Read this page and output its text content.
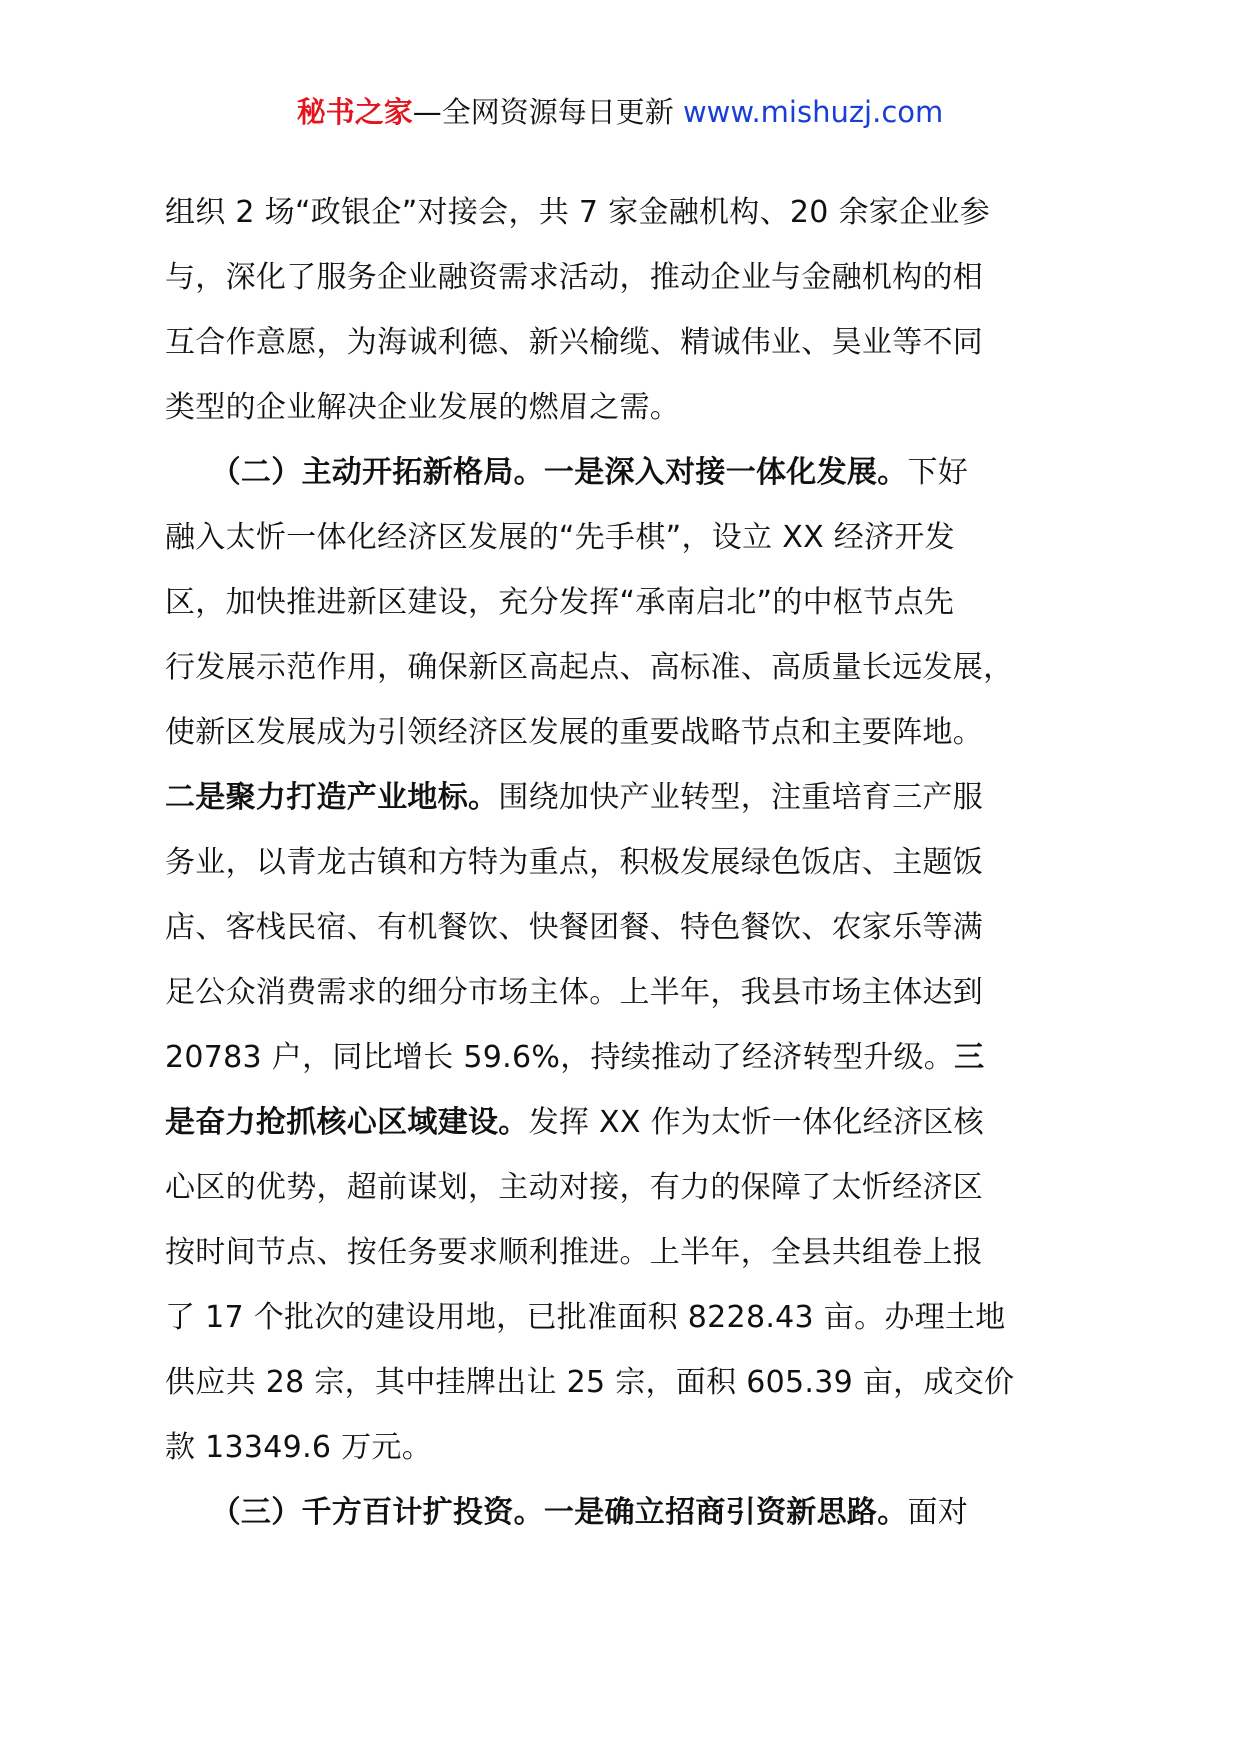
秘书之家—全网资源每日更新 www.mishuzj.com
组织 2 场“政银企”对接会，共 7 家金融机构、20 余家企业参
与，深化了服务企业融资需求活动，推动企业与金融机构的相
互合作意愿，为海诚利德、新兴榆缆、精诚伟业、昊业等不同
类型的企业解决企业发展的燃眉之需。
　　（二）主动开拓新格局。一是深入对接一体化发展。下好
融入太忻一体化经济区发展的“先手棋”，设立 XX 经济开发
区，加快推进新区建设，充分发挥“承南启北”的中枢节点先
行发展示范作用，确保新区高起点、高标准、高质量长远发展，
使新区发展成为引领经济区发展的重要战略节点和主要阵地。
二是聚力打造产业地标。围绕加快产业转型，注重培育三产服
务业，以青龙古镇和方特为重点，积极发展绿色饭店、主题饭
店、客栈民宿、有机餐饮、快餐团餐、特色餐饮、农家乐等满
足公众消费需求的细分市场主体。上半年，我县市场主体达到
20783 户，同比增长 59.6%，持续推动了经济转型升级。三
是奋力抢抓核心区域建设。发挥 XX 作为太忻一体化经济区核
心区的优势，超前谋划，主动对接，有力的保障了太忻经济区
按时间节点、按任务要求顺利推进。上半年，全县共组卷上报
了 17 个批次的建设用地，已批准面积 8228.43 亩。办理土地
供应共 28 宗，其中挂牌出让 25 宗，面积 605.39 亩，成交价
款 13349.6 万元。
　　（三）千方百计扩投资。一是确立招商引资新思路。面对
